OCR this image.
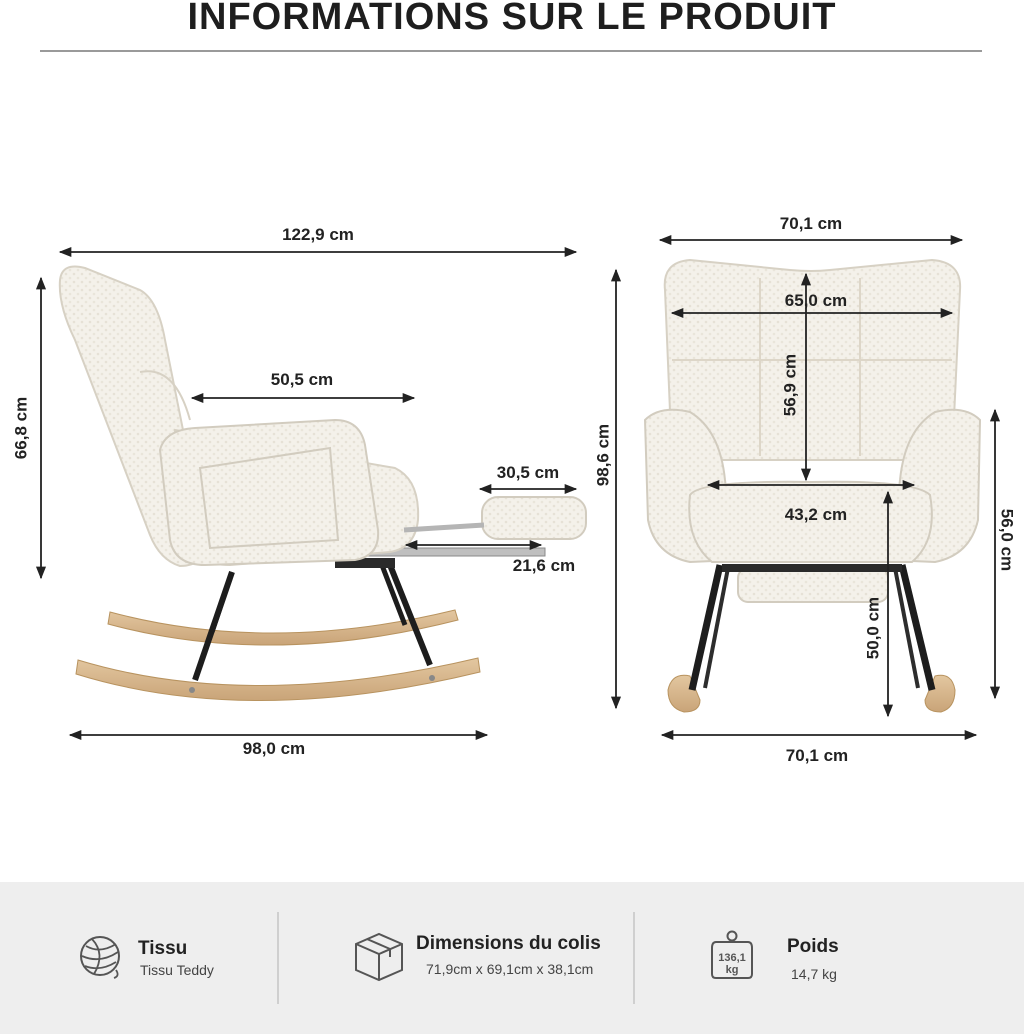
INFORMATIONS SUR LE PRODUIT
122,9 cm
50,5 cm
66,8 cm
30,5 cm
21,6 cm
98,0 cm
98,6 cm
70,1 cm
65,0 cm
56,9 cm
43,2 cm
50,0 cm
56,0 cm
70,1 cm
Tissu
Tissu Teddy
Dimensions du colis
71,9cm x 69,1cm x 38,1cm
136,1
kg
Poids
14,7 kg
